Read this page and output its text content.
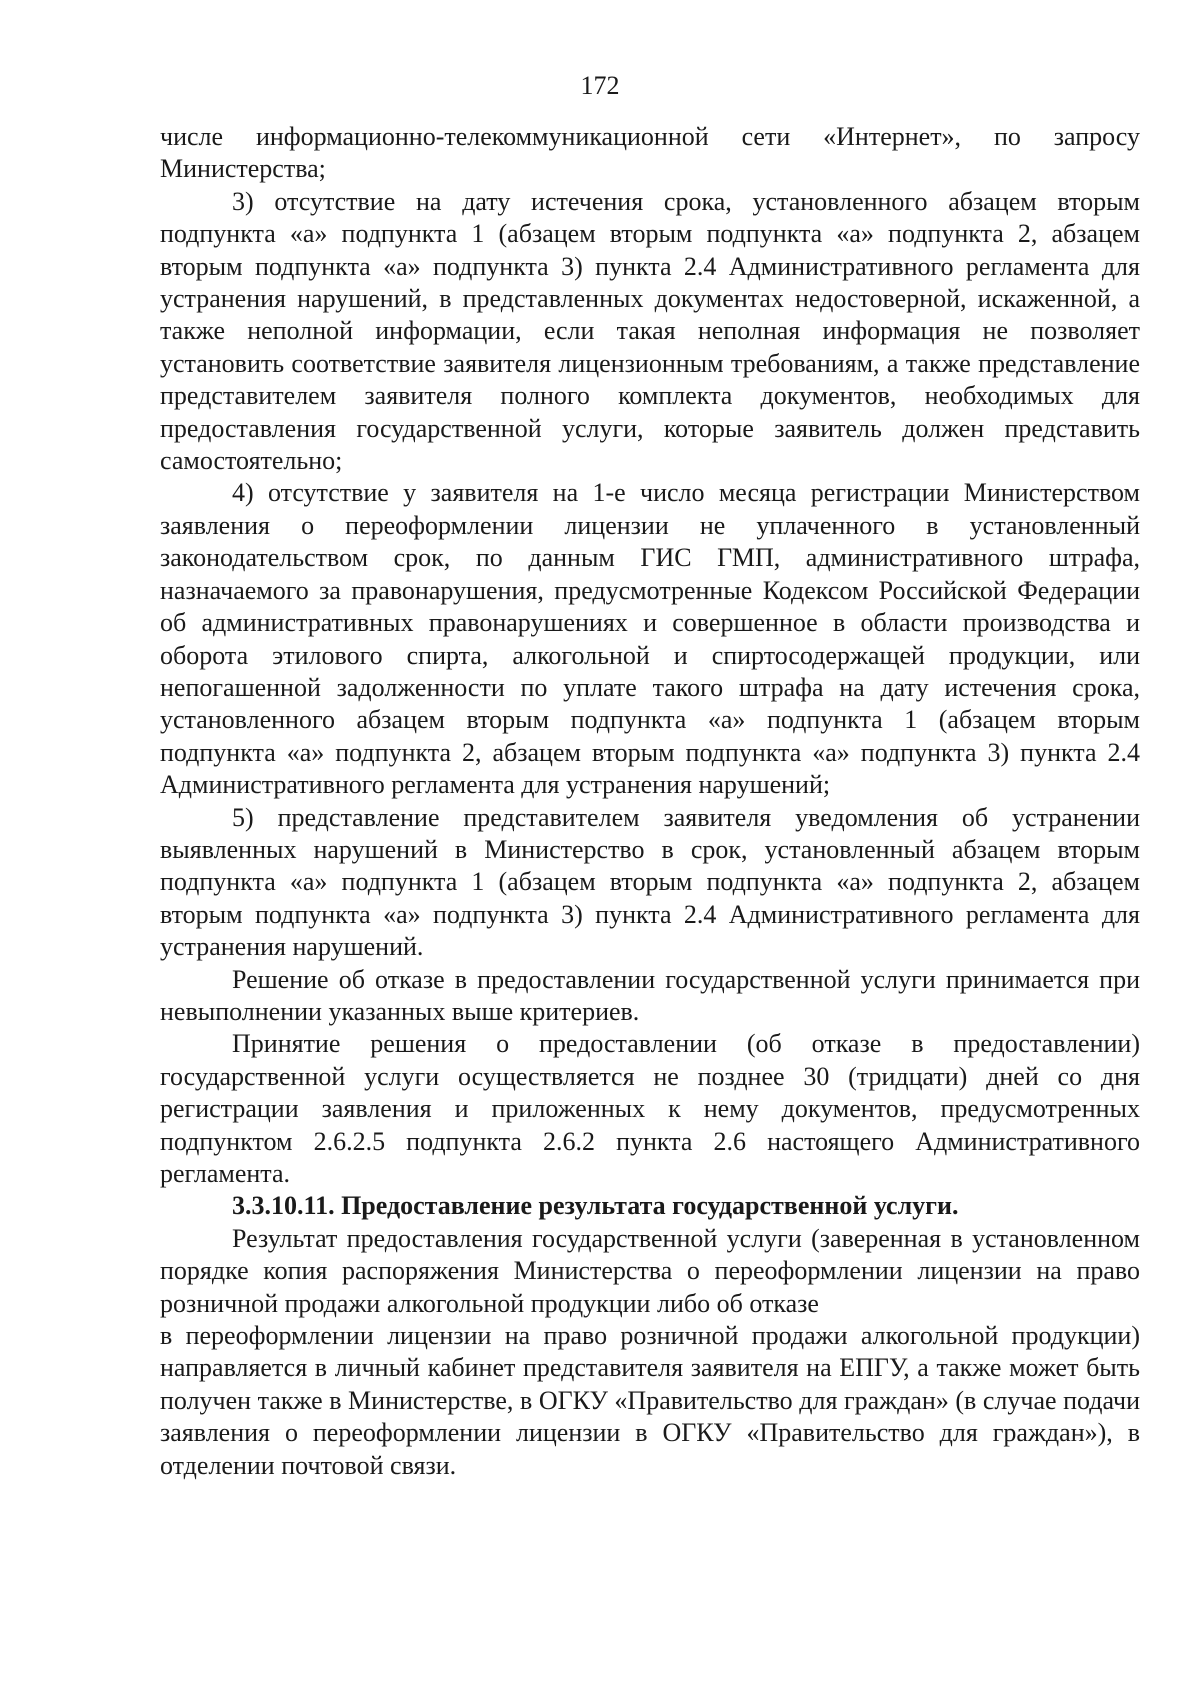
172

числе информационно-телекоммуникационной сети «Интернет», по запросу Министерства;

3) отсутствие на дату истечения срока, установленного абзацем вторым подпункта «а» подпункта 1 (абзацем вторым подпункта «а» подпункта 2, абзацем вторым подпункта «а» подпункта 3) пункта 2.4 Административного регламента для устранения нарушений, в представленных документах недостоверной, искаженной, а также неполной информации, если такая неполная информация не позволяет установить соответствие заявителя лицензионным требованиям, а также представление представителем заявителя полного комплекта документов, необходимых для предоставления государственной услуги, которые заявитель должен представить самостоятельно;

4) отсутствие у заявителя на 1-е число месяца регистрации Министерством заявления о переоформлении лицензии не уплаченного в установленный законодательством срок, по данным ГИС ГМП, административного штрафа, назначаемого за правонарушения, предусмотренные Кодексом Российской Федерации об административных правонарушениях и совершенное в области производства и оборота этилового спирта, алкогольной и спиртосодержащей продукции, или непогашенной задолженности по уплате такого штрафа на дату истечения срока, установленного абзацем вторым подпункта «а» подпункта 1 (абзацем вторым подпункта «а» подпункта 2, абзацем вторым подпункта «а» подпункта 3) пункта 2.4 Административного регламента для устранения нарушений;

5) представление представителем заявителя уведомления об устранении выявленных нарушений в Министерство в срок, установленный абзацем вторым подпункта «а» подпункта 1 (абзацем вторым подпункта «а» подпункта 2, абзацем вторым подпункта «а» подпункта 3) пункта 2.4 Административного регламента для устранения нарушений.

Решение об отказе в предоставлении государственной услуги принимается при невыполнении указанных выше критериев.

Принятие решения о предоставлении (об отказе в предоставлении) государственной услуги осуществляется не позднее 30 (тридцати) дней со дня регистрации заявления и приложенных к нему документов, предусмотренных подпунктом 2.6.2.5 подпункта 2.6.2 пункта 2.6 настоящего Административного регламента.

3.3.10.11. Предоставление результата государственной услуги.

Результат предоставления государственной услуги (заверенная в установленном порядке копия распоряжения Министерства о переоформлении лицензии на право розничной продажи алкогольной продукции либо об отказе

в переоформлении лицензии на право розничной продажи алкогольной продукции) направляется в личный кабинет представителя заявителя на ЕПГУ, а также может быть получен также в Министерстве, в ОГКУ «Правительство для граждан» (в случае подачи заявления о переоформлении лицензии в ОГКУ «Правительство для граждан»), в отделении почтовой связи.
